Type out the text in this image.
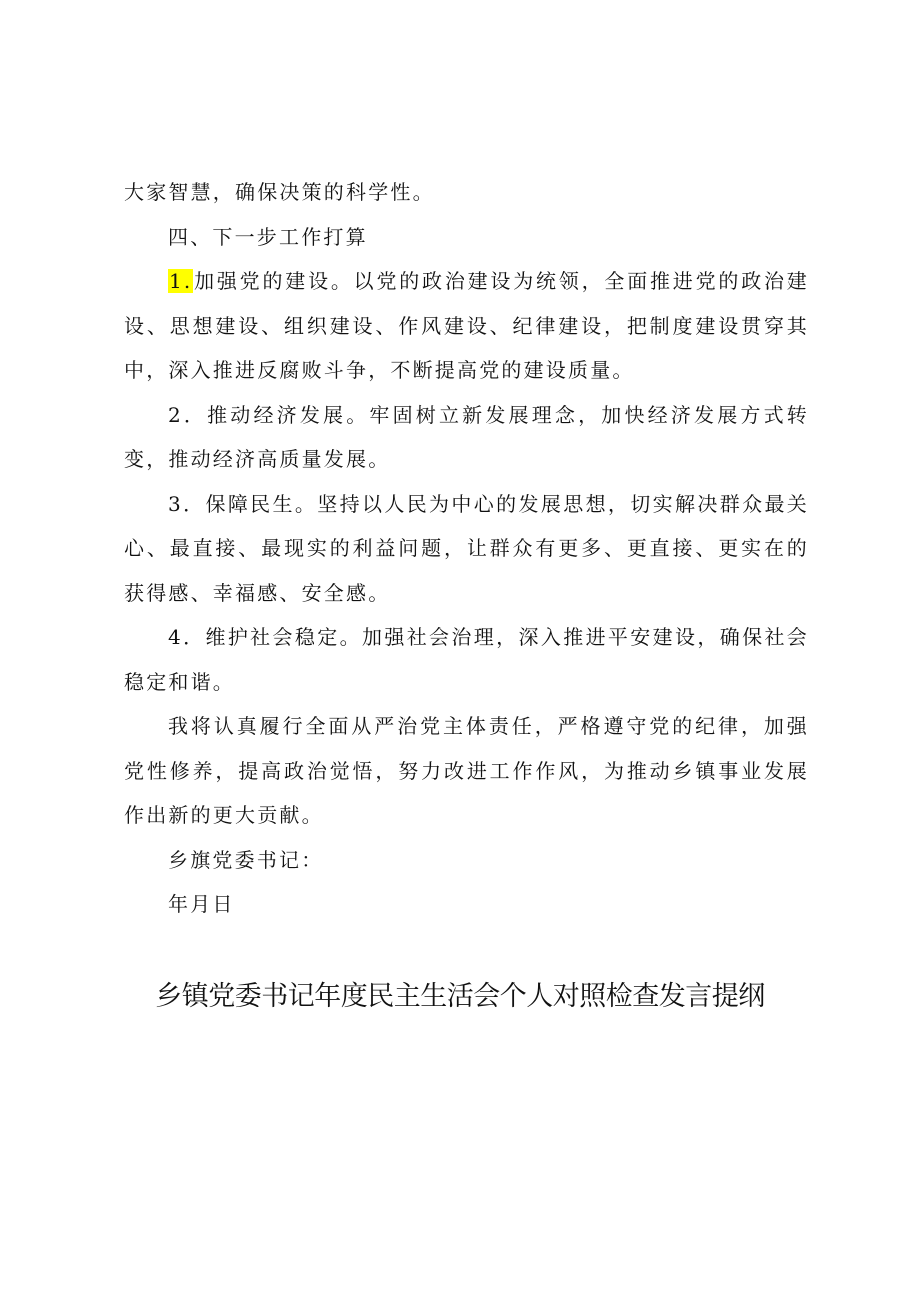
大家智慧，确保决策的科学性。

四、下一步工作打算

1.加强党的建设。以党的政治建设为统领，全面推进党的政治建设、思想建设、组织建设、作风建设、纪律建设，把制度建设贯穿其中，深入推进反腐败斗争，不断提高党的建设质量。

2．推动经济发展。牢固树立新发展理念，加快经济发展方式转变，推动经济高质量发展。

3．保障民生。坚持以人民为中心的发展思想，切实解决群众最关心、最直接、最现实的利益问题，让群众有更多、更直接、更实在的获得感、幸福感、安全感。

4．维护社会稳定。加强社会治理，深入推进平安建设，确保社会稳定和谐。

我将认真履行全面从严治党主体责任，严格遵守党的纪律，加强党性修养，提高政治觉悟，努力改进工作作风，为推动乡镇事业发展作出新的更大贡献。

乡旗党委书记：

年月日

乡镇党委书记年度民主生活会个人对照检查发言提纲
